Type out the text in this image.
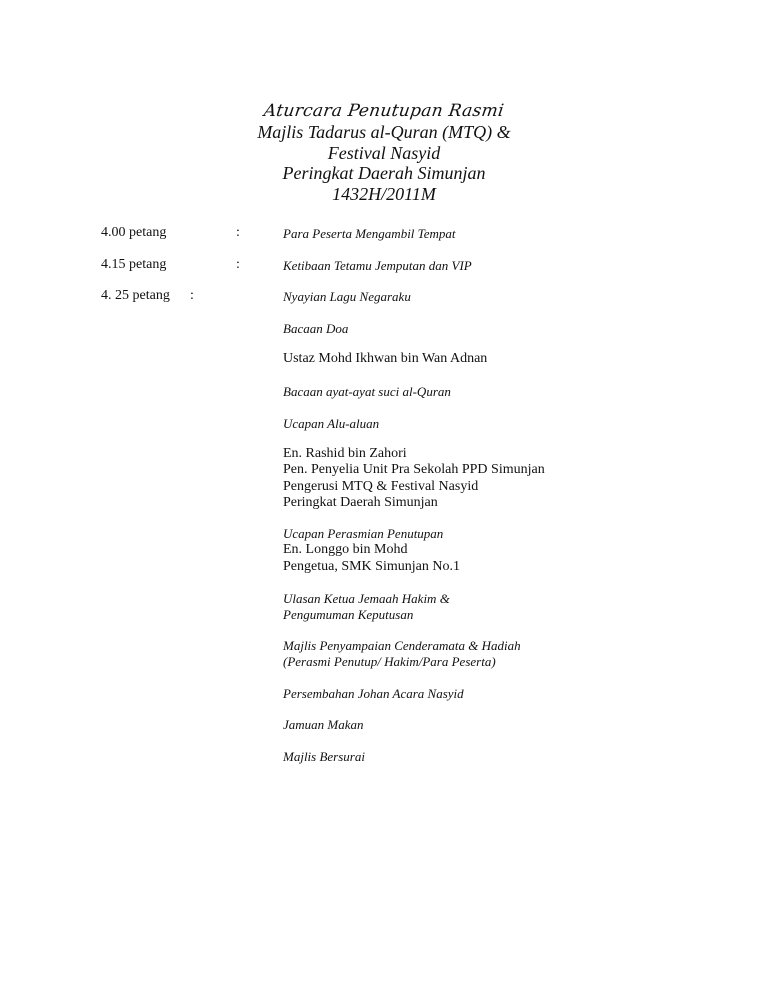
Aturcara Penutupan Rasmi
Majlis Tadarus al-Quran (MTQ) &
Festival Nasyid
Peringkat Daerah Simunjan
1432H/2011M
4.00 petang	:	Para Peserta Mengambil Tempat
4.15 petang	:	Ketibaan Tetamu Jemputan dan VIP
4. 25 petang :	Nyayian Lagu Negaraku
Bacaan Doa
Ustaz Mohd Ikhwan bin Wan Adnan
Bacaan ayat-ayat suci al-Quran
Ucapan Alu-aluan
En. Rashid bin Zahori
Pen. Penyelia Unit Pra Sekolah PPD Simunjan
Pengerusi MTQ & Festival Nasyid
Peringkat Daerah Simunjan
Ucapan Perasmian Penutupan
En. Longgo bin Mohd
Pengetua, SMK Simunjan No.1
Ulasan Ketua Jemaah Hakim &
Pengumuman Keputusan
Majlis Penyampaian Cenderamata & Hadiah
(Perasmi Penutup/ Hakim/Para Peserta)
Persembahan Johan Acara Nasyid
Jamuan Makan
Majlis Bersurai
